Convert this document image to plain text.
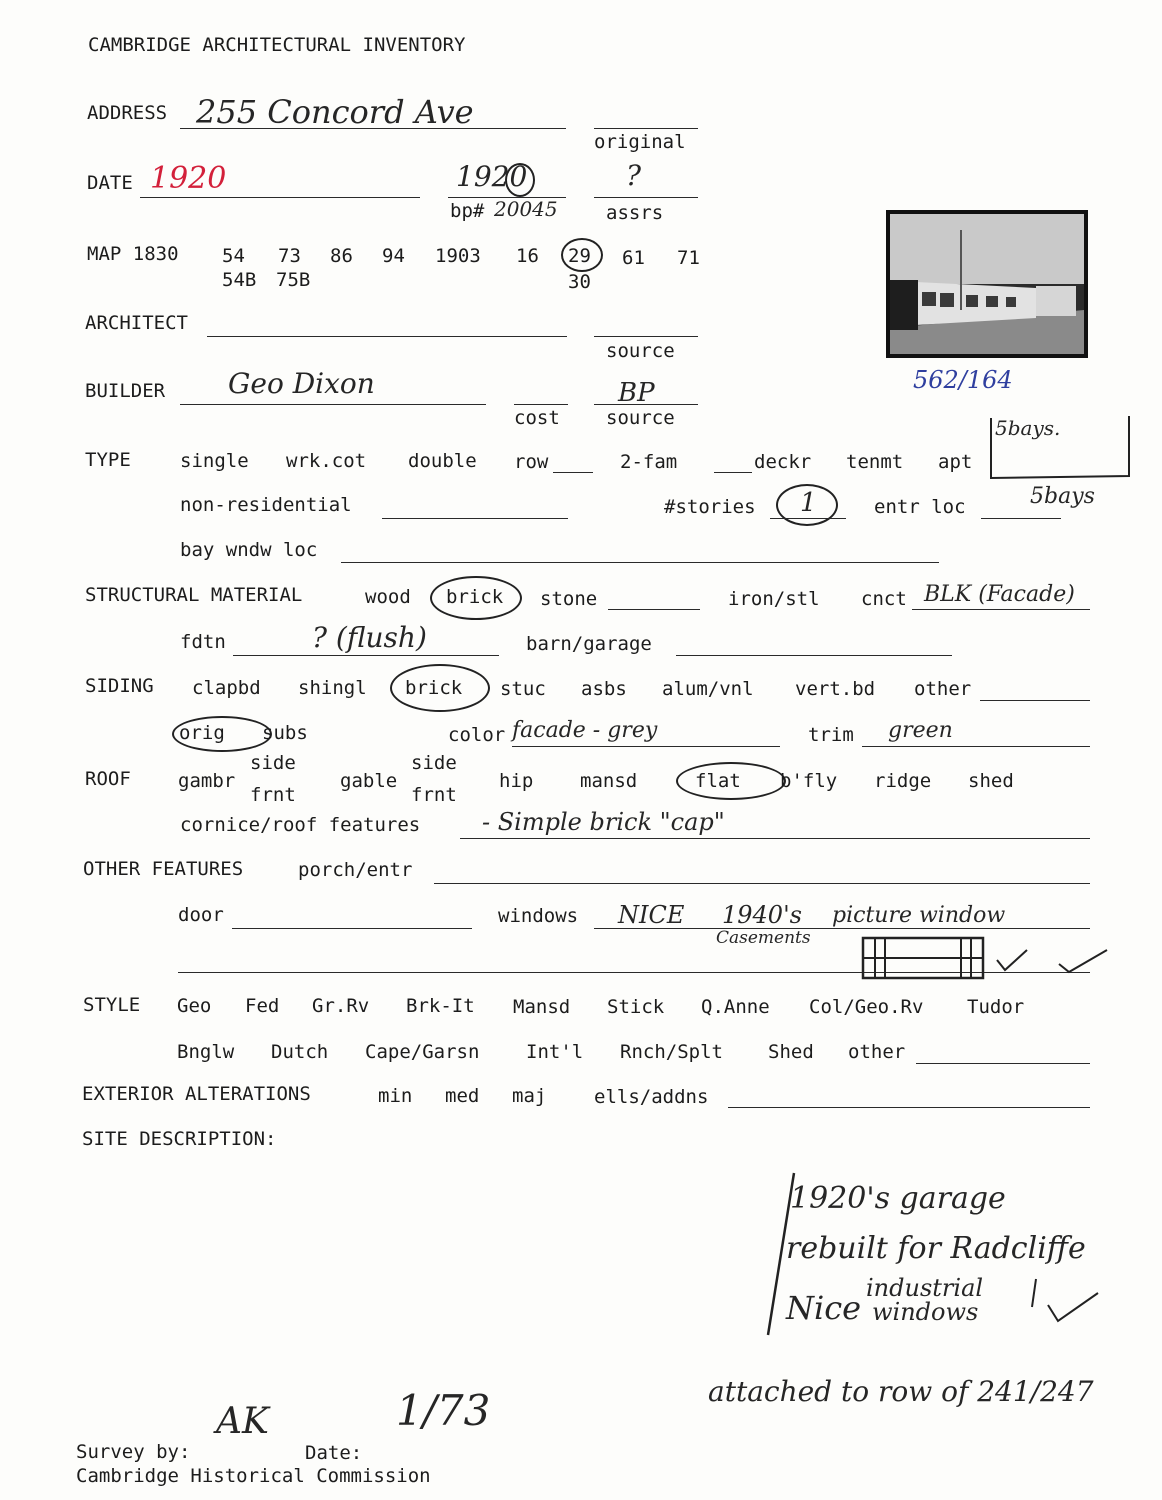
CAMBRIDGE ARCHITECTURAL INVENTORY
ADDRESS 255 Concord Ave
original
DATE 1920	1920
bp# 20045
?
assrs
562/164
MAP 1830 54 73 86 94 1903 16 29 61 71
54B 75B	30
ARCHITECT
source
BUILDER Geo Dixon
cost
BP
source
TYPE	single wrk.cot double row	2-fam	deckr tenmt apt
5bays.
5bays
non-residential	#stories 1	entr loc
bay wndw loc
STRUCTURAL MATERIAL	wood brick stone	iron/stl cnct BLK (Facade)
fdtn	? (flush)	barn/garage
SIDING clapbd shingl brick stuc asbs alum/vnl vert.bd other
orig subs	color facade - grey	trim green
ROOF gambr
side
frnt
gable
side
frnt
hip mansd	flat b'fly ridge shed
cornice/roof features	- Simple brick "cap"
OTHER FEATURES	porch/entr
door	windows NICE 1940's picture window
Casements
STYLE Geo Fed Gr.Rv Brk-It Mansd Stick Q.Anne Col/Geo.Rv Tudor
Bnglw Dutch Cape/Garsn Int'l Rnch/Splt Shed other
EXTERIOR ALTERATIONS	min med maj	ells/addns
SITE DESCRIPTION:
1920's garage
rebuilt for Radcliffe
Nice
industrial
windows
attached to row of 241/247
AK	1/73
Survey by:	Date:
Cambridge Historical Commission
